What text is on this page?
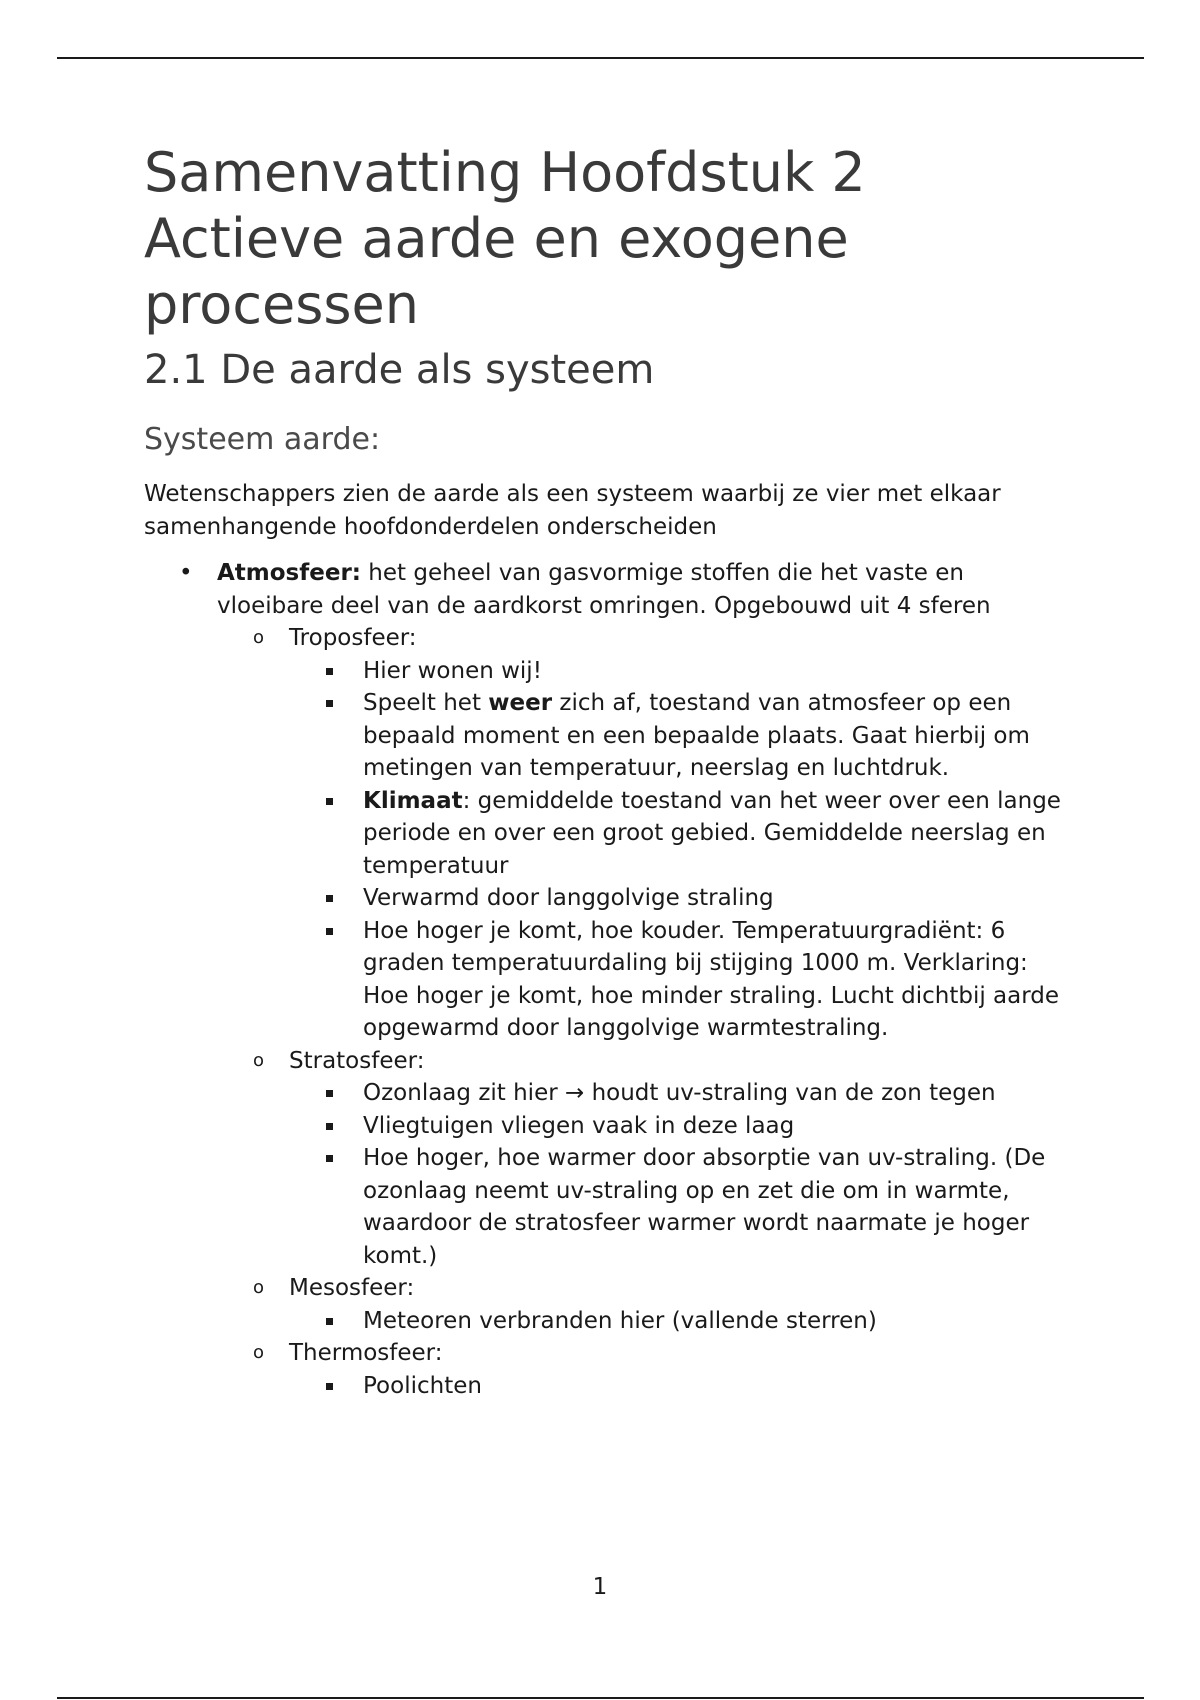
Samenvatting Hoofdstuk 2
Actieve aarde en exogene
processen
2.1 De aarde als systeem
Systeem aarde:

Wetenschappers zien de aarde als een systeem waarbij ze vier met elkaar samenhangende hoofdonderdelen onderscheiden

• Atmosfeer: het geheel van gasvormige stoffen die het vaste en vloeibare deel van de aardkorst omringen. Opgebouwd uit 4 sferen
o Troposfeer:
Hier wonen wij!
Speelt het weer zich af, toestand van atmosfeer op een bepaald moment en een bepaalde plaats. Gaat hierbij om metingen van temperatuur, neerslag en luchtdruk.
Klimaat: gemiddelde toestand van het weer over een lange periode en over een groot gebied. Gemiddelde neerslag en temperatuur
Verwarmd door langgolvige straling
Hoe hoger je komt, hoe kouder. Temperatuurgradiënt: 6 graden temperatuurdaling bij stijging 1000 m. Verklaring: Hoe hoger je komt, hoe minder straling. Lucht dichtbij aarde opgewarmd door langgolvige warmtestraling.
o Stratosfeer:
Ozonlaag zit hier → houdt uv-straling van de zon tegen
Vliegtuigen vliegen vaak in deze laag
Hoe hoger, hoe warmer door absorptie van uv-straling. (De ozonlaag neemt uv-straling op en zet die om in warmte, waardoor de stratosfeer warmer wordt naarmate je hoger komt.)
o Mesosfeer:
Meteoren verbranden hier (vallende sterren)
o Thermosfeer:
Poolichten
1
